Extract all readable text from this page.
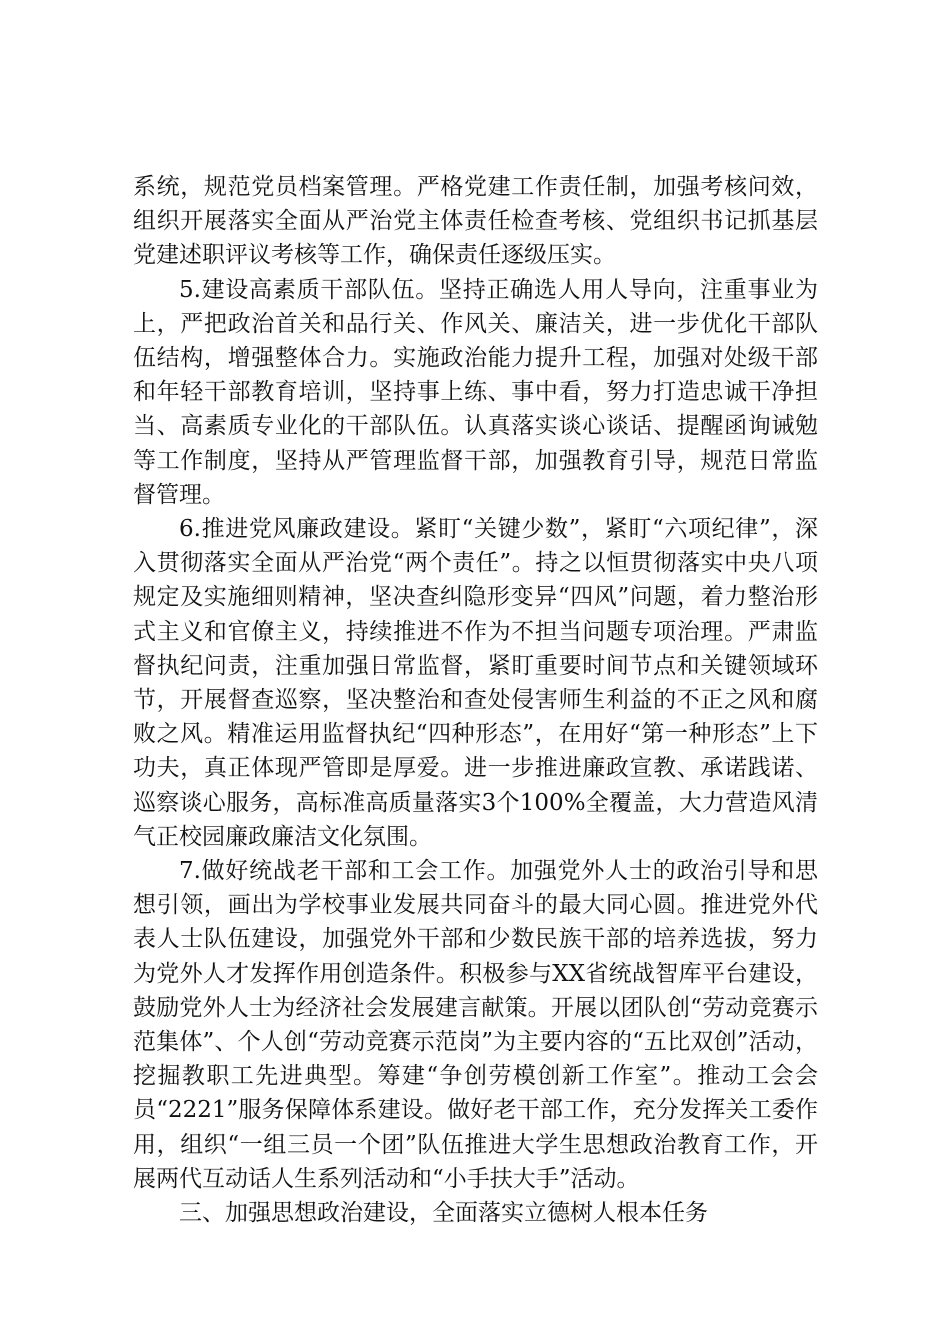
系统，规范党员档案管理。严格党建工作责任制，加强考核问效，组织开展落实全面从严治党主体责任检查考核、党组织书记抓基层党建述职评议考核等工作，确保责任逐级压实。

5.建设高素质干部队伍。坚持正确选人用人导向，注重事业为上，严把政治首关和品行关、作风关、廉洁关，进一步优化干部队伍结构，增强整体合力。实施政治能力提升工程，加强对处级干部和年轻干部教育培训，坚持事上练、事中看，努力打造忠诚干净担当、高素质专业化的干部队伍。认真落实谈心谈话、提醒函询诫勉等工作制度，坚持从严管理监督干部，加强教育引导，规范日常监督管理。

6.推进党风廉政建设。紧盯“关键少数”，紧盯“六项纪律”，深入贯彻落实全面从严治党“两个责任”。持之以恒贯彻落实中央八项规定及实施细则精神，坚决查纠隐形变异“四风”问题，着力整治形式主义和官僚主义，持续推进不作为不担当问题专项治理。严肃监督执纪问责，注重加强日常监督，紧盯重要时间节点和关键领域环节，开展督查巡察，坚决整治和查处侵害师生利益的不正之风和腐败之风。精准运用监督执纪“四种形态”，在用好“第一种形态”上下功夫，真正体现严管即是厚爱。进一步推进廉政宣教、承诺践诺、巡察谈心服务，高标准高质量落实3个100%全覆盖，大力营造风清气正校园廉政廉洁文化氛围。

7.做好统战老干部和工会工作。加强党外人士的政治引导和思想引领，画出为学校事业发展共同奋斗的最大同心圆。推进党外代表人士队伍建设，加强党外干部和少数民族干部的培养选拔，努力为党外人才发挥作用创造条件。积极参与XX省统战智库平台建设，鼓励党外人士为经济社会发展建言献策。开展以团队创“劳动竞赛示范集体”、个人创“劳动竞赛示范岗”为主要内容的“五比双创”活动，挖掘教职工先进典型。筹建“争创劳模创新工作室”。推动工会会员“2221”服务保障体系建设。做好老干部工作，充分发挥关工委作用，组织“一组三员一个团”队伍推进大学生思想政治教育工作，开展两代互动话人生系列活动和“小手扶大手”活动。

三、加强思想政治建设，全面落实立德树人根本任务
